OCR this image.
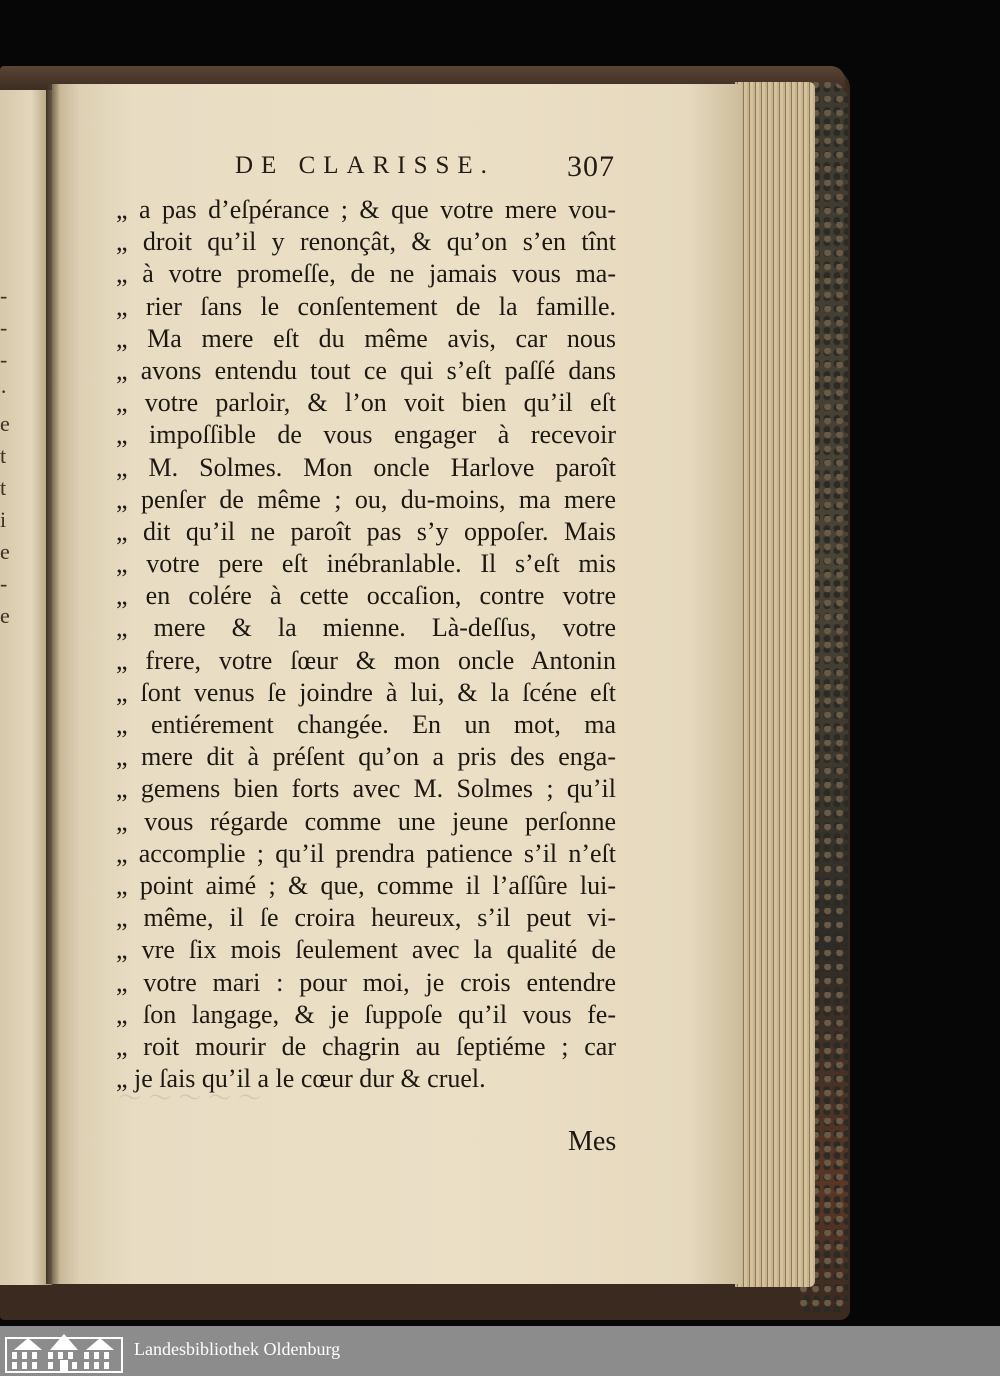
-
-
-
·
e
t
t
i
e
-
e
DE CLARISSE. 307
„ a pas d’eſpérance ; & que votre mere vou-
„ droit qu’il y renonçât, & qu’on s’en tînt
„ à votre promeſſe, de ne jamais vous ma-
„ rier ſans le conſentement de la famille.
„ Ma mere eſt du même avis, car nous
„ avons entendu tout ce qui s’eſt paſſé dans
„ votre parloir, & l’on voit bien qu’il eſt
„ impoſſible de vous engager à recevoir
„ M. Solmes. Mon oncle Harlove paroît
„ penſer de même ; ou, du-moins, ma mere
„ dit qu’il ne paroît pas s’y oppoſer. Mais
„ votre pere eſt inébranlable. Il s’eſt mis
„ en colére à cette occaſion, contre votre
„ mere & la mienne. Là-deſſus, votre
„ frere, votre ſœur & mon oncle Antonin
„ ſont venus ſe joindre à lui, & la ſcéne eſt
„ entiérement changée. En un mot, ma
„ mere dit à préſent qu’on a pris des enga-
„ gemens bien forts avec M. Solmes ; qu’il
„ vous régarde comme une jeune perſonne
„ accomplie ; qu’il prendra patience s’il n’eſt
„ point aimé ; & que, comme il l’aſſûre lui-
„ même, il ſe croira heureux, s’il peut vi-
„ vre ſix mois ſeulement avec la qualité de
„ votre mari : pour moi, je crois entendre
„ ſon langage, & je ſuppoſe qu’il vous fe-
„ roit mourir de chagrin au ſeptiéme ; car
„ je ſais qu’il a le cœur dur & cruel.
～ ～ ～ ～ ～
Mes
Landesbibliothek Oldenburg
